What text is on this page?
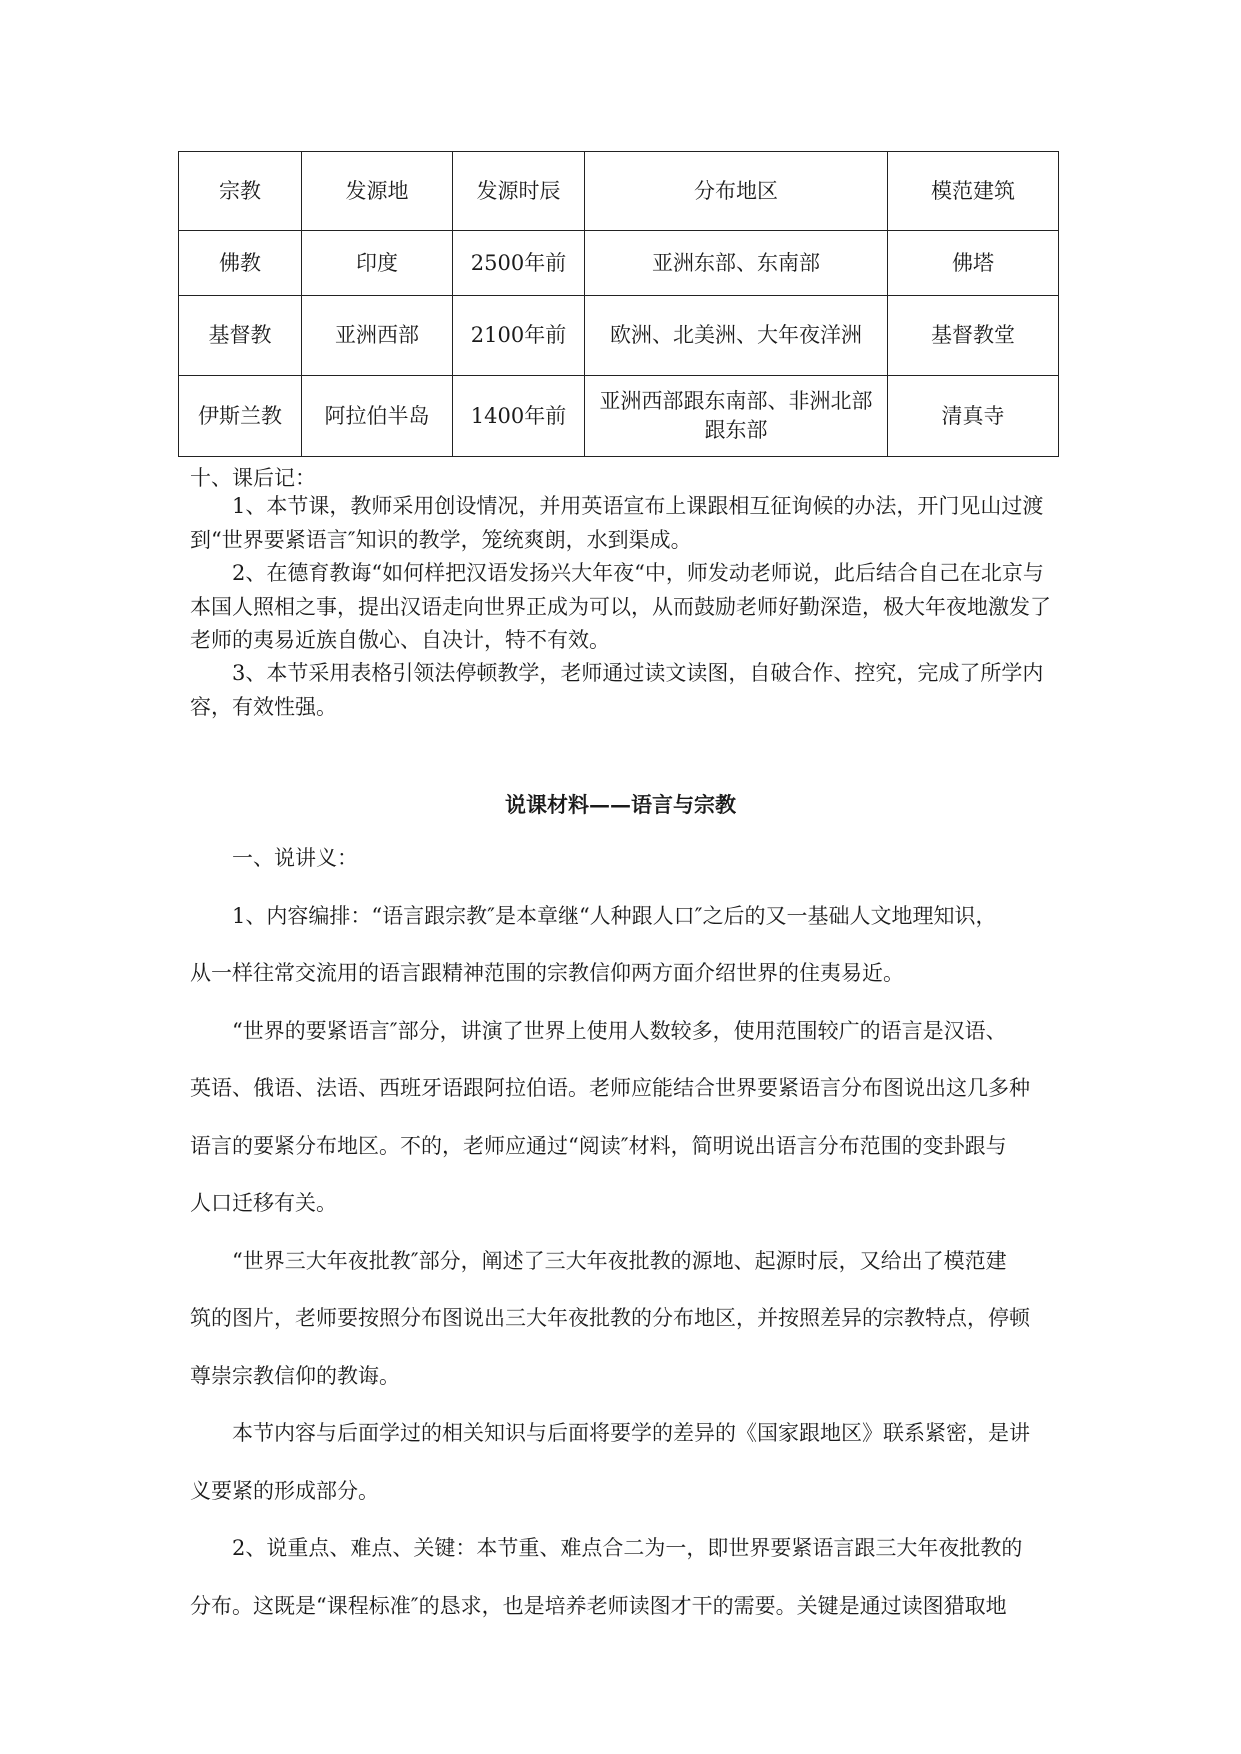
宗教	发源地	发源时辰	分布地区	模范建筑
佛教	印度	2500年前	亚洲东部、东南部	佛塔
基督教	亚洲西部	2100年前	欧洲、北美洲、大年夜洋洲	基督教堂
伊斯兰教	阿拉伯半岛	1400年前	亚洲西部跟东南部、非洲北部跟东部	清真寺
十、课后记：

1、本节课，教师采用创设情况，并用英语宣布上课跟相互征询候的办法，开门见山过渡到“世界要紧语言″知识的教学，笼统爽朗，水到渠成。

2、在德育教诲“如何样把汉语发扬兴大年夜“中，师发动老师说，此后结合自己在北京与本国人照相之事，提出汉语走向世界正成为可以，从而鼓励老师好勤深造，极大年夜地激发了老师的夷易近族自傲心、自决计，特不有效。

3、本节采用表格引领法停顿教学，老师通过读文读图，自破合作、控究，完成了所学内容，有效性强。

说课材料——语言与宗教
一、说讲义：
1、内容编排：“语言跟宗教″是本章继“人种跟人口″之后的又一基础人文地理知识，
从一样往常交流用的语言跟精神范围的宗教信仰两方面介绍世界的住夷易近。
“世界的要紧语言″部分，讲演了世界上使用人数较多，使用范围较广的语言是汉语、
英语、俄语、法语、西班牙语跟阿拉伯语。老师应能结合世界要紧语言分布图说出这几多种
语言的要紧分布地区。不的，老师应通过“阅读″材料，简明说出语言分布范围的变卦跟与
人口迁移有关。
“世界三大年夜批教″部分，阐述了三大年夜批教的源地、起源时辰，又给出了模范建
筑的图片，老师要按照分布图说出三大年夜批教的分布地区，并按照差异的宗教特点，停顿
尊崇宗教信仰的教诲。
本节内容与后面学过的相关知识与后面将要学的差异的《国家跟地区》联系紧密，是讲
义要紧的形成部分。
2、说重点、难点、关键：本节重、难点合二为一，即世界要紧语言跟三大年夜批教的
分布。这既是“课程标准″的恳求，也是培养老师读图才干的需要。关键是通过读图猎取地
